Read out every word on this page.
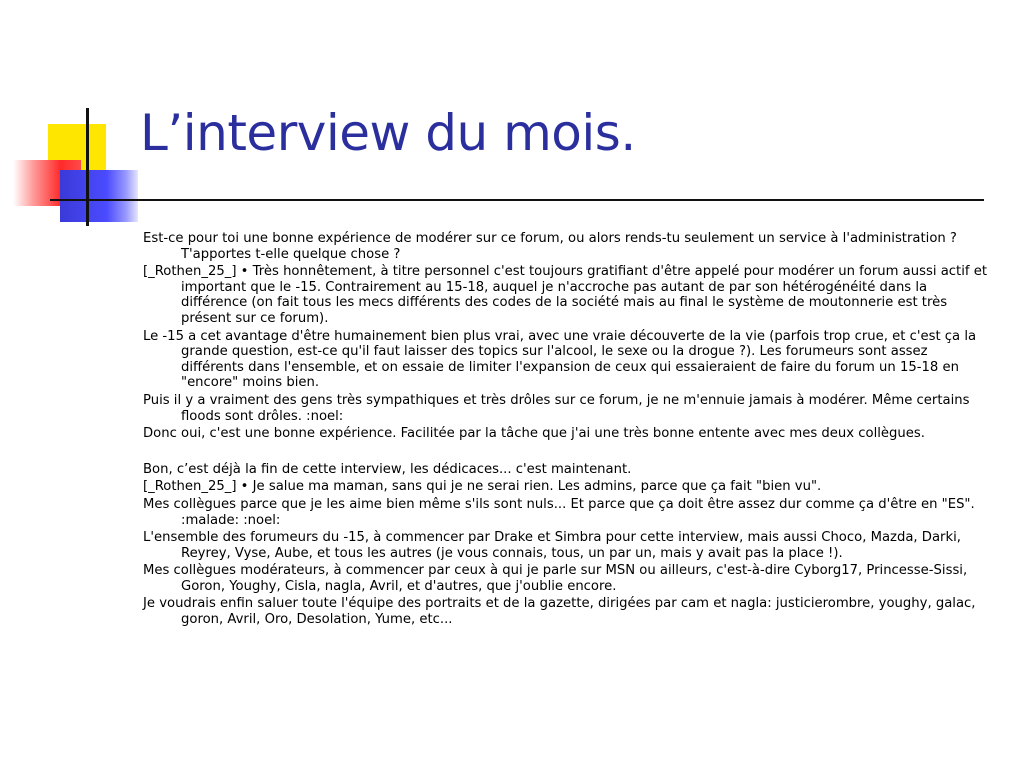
L’interview du mois.

Est-ce pour toi une bonne expérience de modérer sur ce forum, ou alors rends-tu seulement un service à l'administration ? T'apportes t-elle quelque chose ?

[_Rothen_25_] • Très honnêtement, à titre personnel c'est toujours gratifiant d'être appelé pour modérer un forum aussi actif et important que le -15. Contrairement au 15-18, auquel je n'accroche pas autant de par son hétérogénéité dans la différence (on fait tous les mecs différents des codes de la société mais au final le système de moutonnerie est très présent sur ce forum).

Le -15 a cet avantage d'être humainement bien plus vrai, avec une vraie découverte de la vie (parfois trop crue, et c'est ça la grande question, est-ce qu'il faut laisser des topics sur l'alcool, le sexe ou la drogue ?). Les forumeurs sont assez différents dans l'ensemble, et on essaie de limiter l'expansion de ceux qui essaieraient de faire du forum un 15-18 en "encore" moins bien.

Puis il y a vraiment des gens très sympathiques et très drôles sur ce forum, je ne m'ennuie jamais à modérer. Même certains floods sont drôles. :noel:

Donc oui, c'est une bonne expérience. Facilitée par la tâche que j'ai une très bonne entente avec mes deux collègues.

Bon, c’est déjà la fin de cette interview, les dédicaces... c'est maintenant.

[_Rothen_25_] • Je salue ma maman, sans qui je ne serai rien. Les admins, parce que ça fait "bien vu".

Mes collègues parce que je les aime bien même s'ils sont nuls... Et parce que ça doit être assez dur comme ça d'être en "ES". :malade: :noel:

L'ensemble des forumeurs du -15, à commencer par Drake et Simbra pour cette interview, mais aussi Choco, Mazda, Darki, Reyrey, Vyse, Aube, et tous les autres (je vous connais, tous, un par un, mais y avait pas la place !).

Mes collègues modérateurs, à commencer par ceux à qui je parle sur MSN ou ailleurs, c'est-à-dire Cyborg17, Princesse-Sissi, Goron, Youghy, Cisla, nagla, Avril, et d'autres, que j'oublie encore.

Je voudrais enfin saluer toute l'équipe des portraits et de la gazette, dirigées par cam et nagla: justicierombre, youghy, galac, goron, Avril, Oro, Desolation, Yume, etc...
